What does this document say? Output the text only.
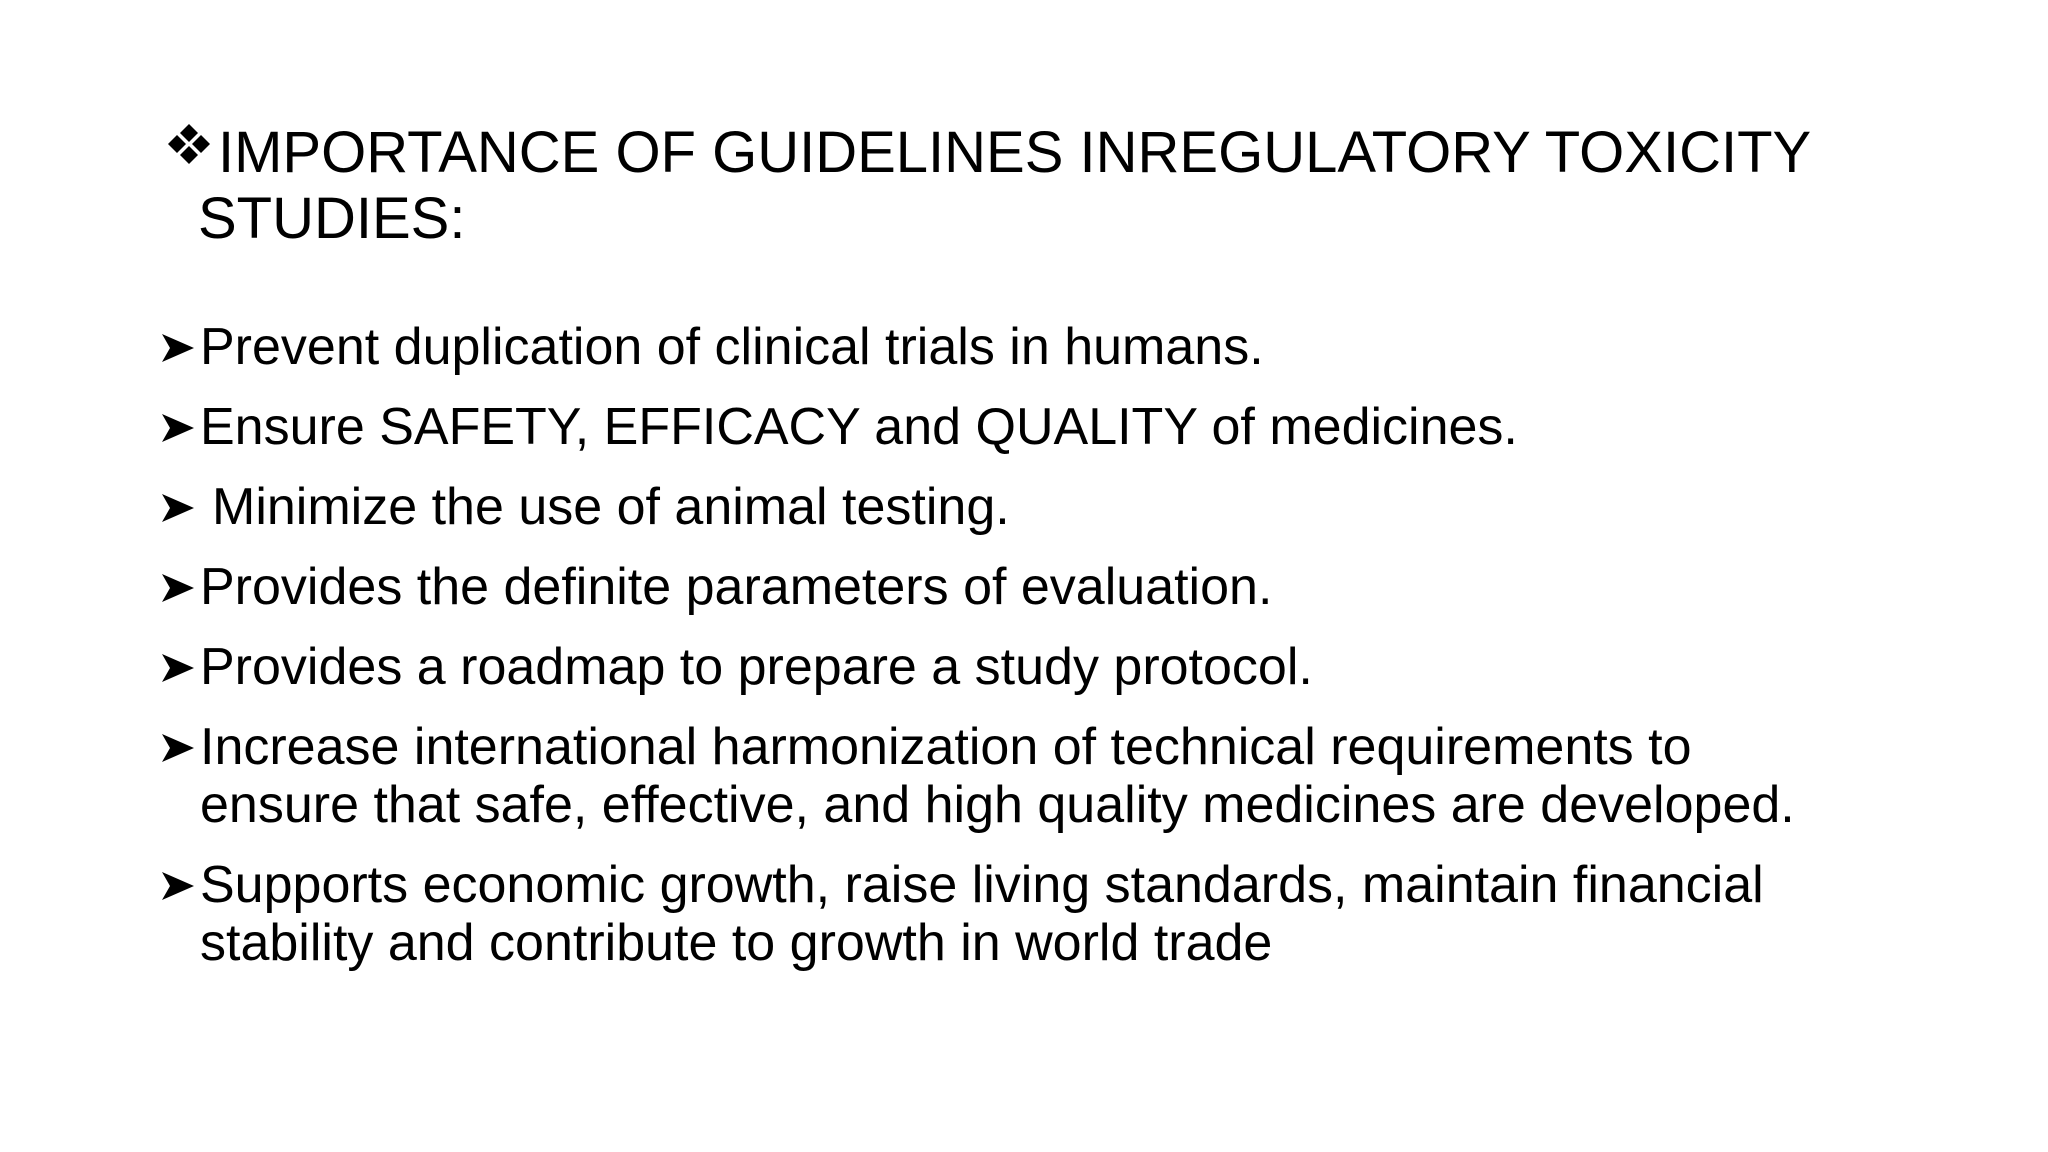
IMPORTANCE OF GUIDELINES INREGULATORY TOXICITY
STUDIES:
Prevent duplication of clinical trials in humans.
Ensure SAFETY, EFFICACY and QUALITY of medicines.
Minimize the use of animal testing.
Provides the definite parameters of evaluation.
Provides a roadmap to prepare a study protocol.
Increase international harmonization of technical requirements to
ensure that safe, effective, and high quality medicines are developed.
Supports economic growth, raise living standards, maintain financial
stability and contribute to growth in world trade
